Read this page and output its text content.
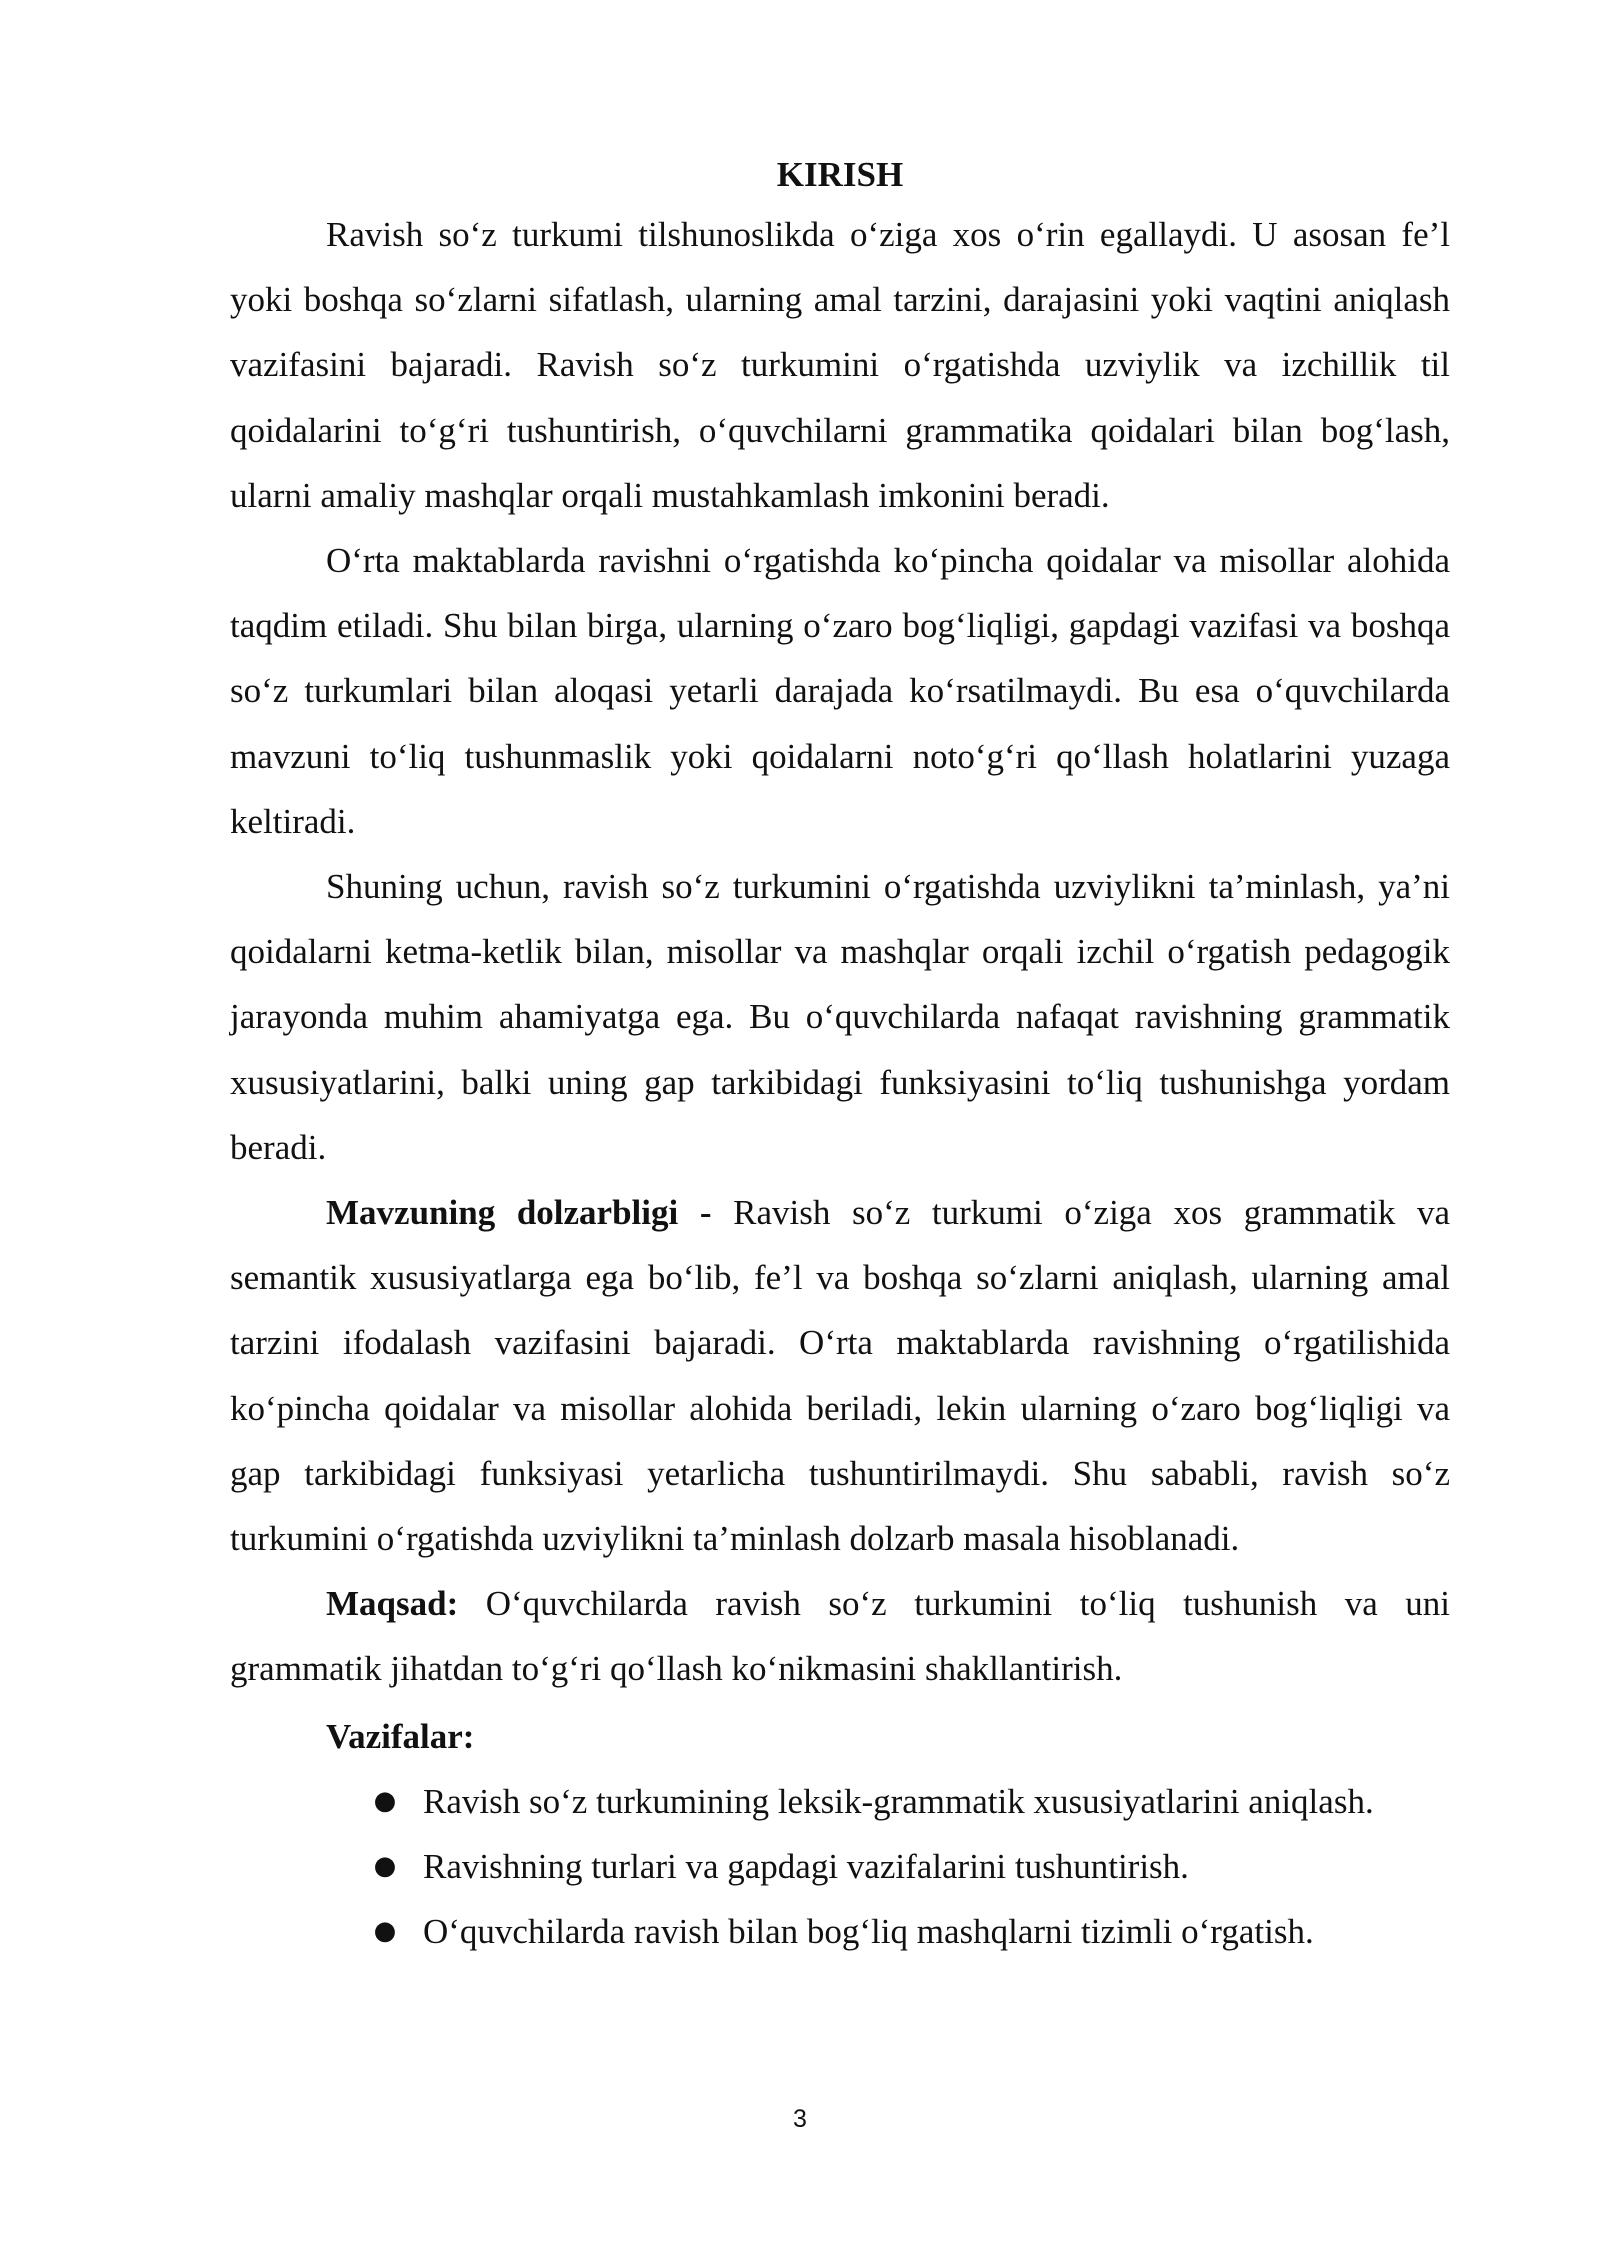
KIRISH

Ravish so‘z turkumi tilshunoslikda o‘ziga xos o‘rin egallaydi. U asosan fe’l yoki boshqa so‘zlarni sifatlash, ularning amal tarzini, darajasini yoki vaqtini aniqlash vazifasini bajaradi. Ravish so‘z turkumini o‘rgatishda uzviylik va izchillik til qoidalarini to‘g‘ri tushuntirish, o‘quvchilarni grammatika qoidalari bilan bog‘lash, ularni amaliy mashqlar orqali mustahkamlash imkonini beradi.

O‘rta maktablarda ravishni o‘rgatishda ko‘pincha qoidalar va misollar alohida taqdim etiladi. Shu bilan birga, ularning o‘zaro bog‘liqligi, gapdagi vazifasi va boshqa so‘z turkumlari bilan aloqasi yetarli darajada ko‘rsatilmaydi. Bu esa o‘quvchilarda mavzuni to‘liq tushunmaslik yoki qoidalarni noto‘g‘ri qo‘llash holatlarini yuzaga keltiradi.

Shuning uchun, ravish so‘z turkumini o‘rgatishda uzviylikni ta’minlash, ya’ni qoidalarni ketma-ketlik bilan, misollar va mashqlar orqali izchil o‘rgatish pedagogik jarayonda muhim ahamiyatga ega. Bu o‘quvchilarda nafaqat ravishning grammatik xususiyatlarini, balki uning gap tarkibidagi funksiyasini to‘liq tushunishga yordam beradi.

Mavzuning dolzarbligi - Ravish so‘z turkumi o‘ziga xos grammatik va semantik xususiyatlarga ega bo‘lib, fe’l va boshqa so‘zlarni aniqlash, ularning amal tarzini ifodalash vazifasini bajaradi. O‘rta maktablarda ravishning o‘rgatilishida ko‘pincha qoidalar va misollar alohida beriladi, lekin ularning o‘zaro bog‘liqligi va gap tarkibidagi funksiyasi yetarlicha tushuntirilmaydi. Shu sababli, ravish so‘z turkumini o‘rgatishda uzviylikni ta’minlash dolzarb masala hisoblanadi.

Maqsad: O‘quvchilarda ravish so‘z turkumini to‘liq tushunish va uni grammatik jihatdan to‘g‘ri qo‘llash ko‘nikmasini shakllantirish.

Vazifalar:

● Ravish so‘z turkumining leksik-grammatik xususiyatlarini aniqlash.
● Ravishning turlari va gapdagi vazifalarini tushuntirish.
● O‘quvchilarda ravish bilan bog‘liq mashqlarni tizimli o‘rgatish.
3
